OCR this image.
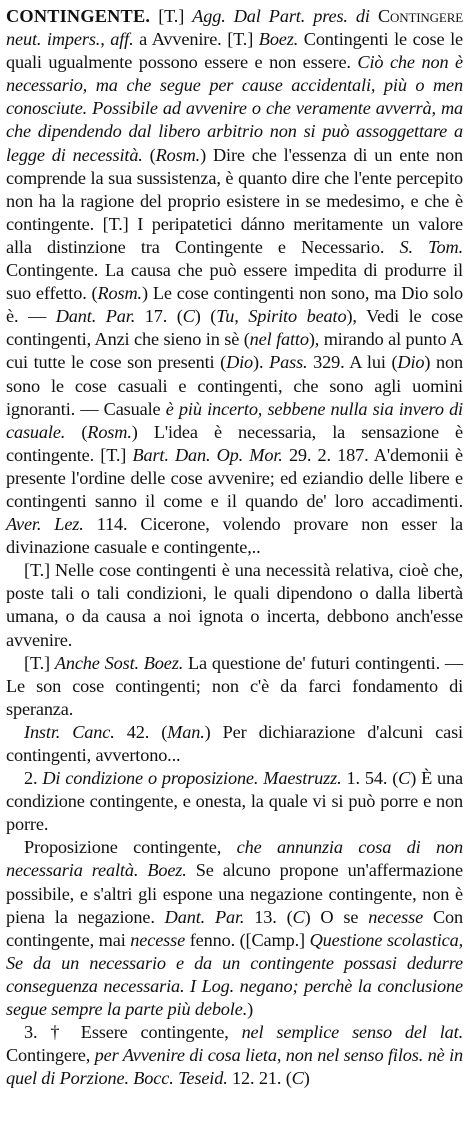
CONTINGENTE. [T.] Agg. Dal Part. pres. di Contingere neut. impers., aff. a Avvenire. [T.] Boez. Contingenti le cose le quali ugualmente possono essere e non essere. Ciò che non è necessario, ma che segue per cause accidentali, più o men conosciute. Possibile ad avvenire o che veramente avverrà, ma che dipendendo dal libero arbitrio non si può assoggettare a legge di necessità. (Rosm.) Dire che l'essenza di un ente non comprende la sua sussistenza, è quanto dire che l'ente percepito non ha la ragione del proprio esistere in se medesimo, e che è contingente. [T.] I peripatetici dánno meritamente un valore alla distinzione tra Contingente e Necessario. S. Tom. Contingente. La causa che può essere impedita di produrre il suo effetto. (Rosm.) Le cose contingenti non sono, ma Dio solo è. — Dant. Par. 17. (C) (Tu, Spirito beato), Vedi le cose contingenti, Anzi che sieno in sè (nel fatto), mirando al punto A cui tutte le cose son presenti (Dio). Pass. 329. A lui (Dio) non sono le cose casuali e contingenti, che sono agli uomini ignoranti. — Casuale è più incerto, sebbene nulla sia invero di casuale. (Rosm.) L'idea è necessaria, la sensazione è contingente. [T.] Bart. Dan. Op. Mor. 29. 2. 187. A'demonii è presente l'ordine delle cose avvenire; ed eziandio delle libere e contingenti sanno il come e il quando de' loro accadimenti. Aver. Lez. 114. Cicerone, volendo provare non esser la divinazione casuale e contingente,..

[T.] Nelle cose contingenti è una necessità relativa, cioè che, poste tali o tali condizioni, le quali dipendono o dalla libertà umana, o da causa a noi ignota o incerta, debbono anch'esse avvenire.

[T.] Anche Sost. Boez. La questione de' futuri contingenti. — Le son cose contingenti; non c'è da farci fondamento di speranza.

Instr. Canc. 42. (Man.) Per dichiarazione d'alcuni casi contingenti, avvertono...

2. Di condizione o proposizione. Maestruzz. 1. 54. (C) È una condizione contingente, e onesta, la quale vi si può porre e non porre.

Proposizione contingente, che annunzia cosa di non necessaria realtà. Boez. Se alcuno propone un'affermazione possibile, e s'altri gli espone una negazione contingente, non è piena la negazione. Dant. Par. 13. (C) O se necesse Con contingente, mai necesse fenno. ([Camp.] Questione scolastica, Se da un necessario e da un contingente possasi dedurre conseguenza necessaria. I Log. negano; perchè la conclusione segue sempre la parte più debole.)

3. † Essere contingente, nel semplice senso del lat. Contingere, per Avvenire di cosa lieta, non nel senso filos. nè in quel di Porzione. Bocc. Teseid. 12. 21. (C)
